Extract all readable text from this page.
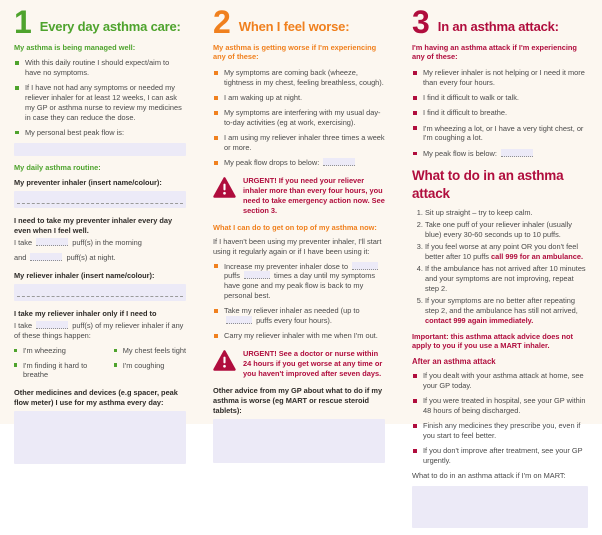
1 Every day asthma care:

My asthma is being managed well:

With this daily routine I should expect/aim to have no symptoms.
If I have not had any symptoms or needed my reliever inhaler for at least 12 weeks, I can ask my GP or asthma nurse to review my medicines in case they can reduce the dose.
My personal best peak flow is:

My daily asthma routine:

My preventer inhaler (insert name/colour):

I need to take my preventer inhaler every day even when I feel well.

I take	puff(s) in the morning

and	puff(s) at night.

My reliever inhaler (insert name/colour):

I take my reliever inhaler only if I need to

I take	puff(s) of my reliever inhaler if any of these things happen:

I'm wheezing	My chest feels tight
I'm finding it hard to breathe
I'm coughing

Other medicines and devices (e.g spacer, peak flow meter) I use for my asthma every day:

2 When I feel worse:

My asthma is getting worse if I'm experiencing any of these:

My symptoms are coming back (wheeze, tightness in my chest, feeling breathless, cough).
I am waking up at night.
My symptoms are interfering with my usual day-to-day activities (eg at work, exercising).
I am using my reliever inhaler three times a week or more.
My peak flow drops to below:

URGENT! If you need your reliever inhaler more than every four hours, you need to take emergency action now. See section 3.

What I can do to get on top of my asthma now:

If I haven't been using my preventer inhaler, I'll start using it regularly again or if I have been using it:

Increase my preventer inhaler dose to  puffs	times a day until my symptoms have gone and my peak flow is back to my personal best.
Take my reliever inhaler as needed (up to  puffs every four hours).
Carry my reliever inhaler with me when I'm out.

URGENT! See a doctor or nurse within 24 hours if you get worse at any time or you haven't improved after seven days.

Other advice from my GP about what to do if my asthma is worse (eg MART or rescue steroid tablets):

3 In an asthma attack:

I'm having an asthma attack if I'm experiencing any of these:

My reliever inhaler is not helping or I need it more than every four hours.
I find it difficult to walk or talk.
I find it difficult to breathe.
I'm wheezing a lot, or I have a very tight chest, or I'm coughing a lot.
My peak flow is below:
What to do in an asthma attack
1. Sit up straight – try to keep calm.
2. Take one puff of your reliever inhaler (usually blue) every 30-60 seconds up to 10 puffs.
3. If you feel worse at any point OR you don't feel better after 10 puffs call 999 for an ambulance.
4. If the ambulance has not arrived after 10 minutes and your symptoms are not improving, repeat step 2.
5. If your symptoms are no better after repeating step 2, and the ambulance has still not arrived, contact 999 again immediately.

Important: this asthma attack advice does not apply to you if you use a MART inhaler.

After an asthma attack

If you dealt with your asthma attack at home, see your GP today.
If you were treated in hospital, see your GP within 48 hours of being discharged.
Finish any medicines they prescribe you, even if you start to feel better.
If you don't improve after treatment, see your GP urgently.

What to do in an asthma attack if I'm on MART:
